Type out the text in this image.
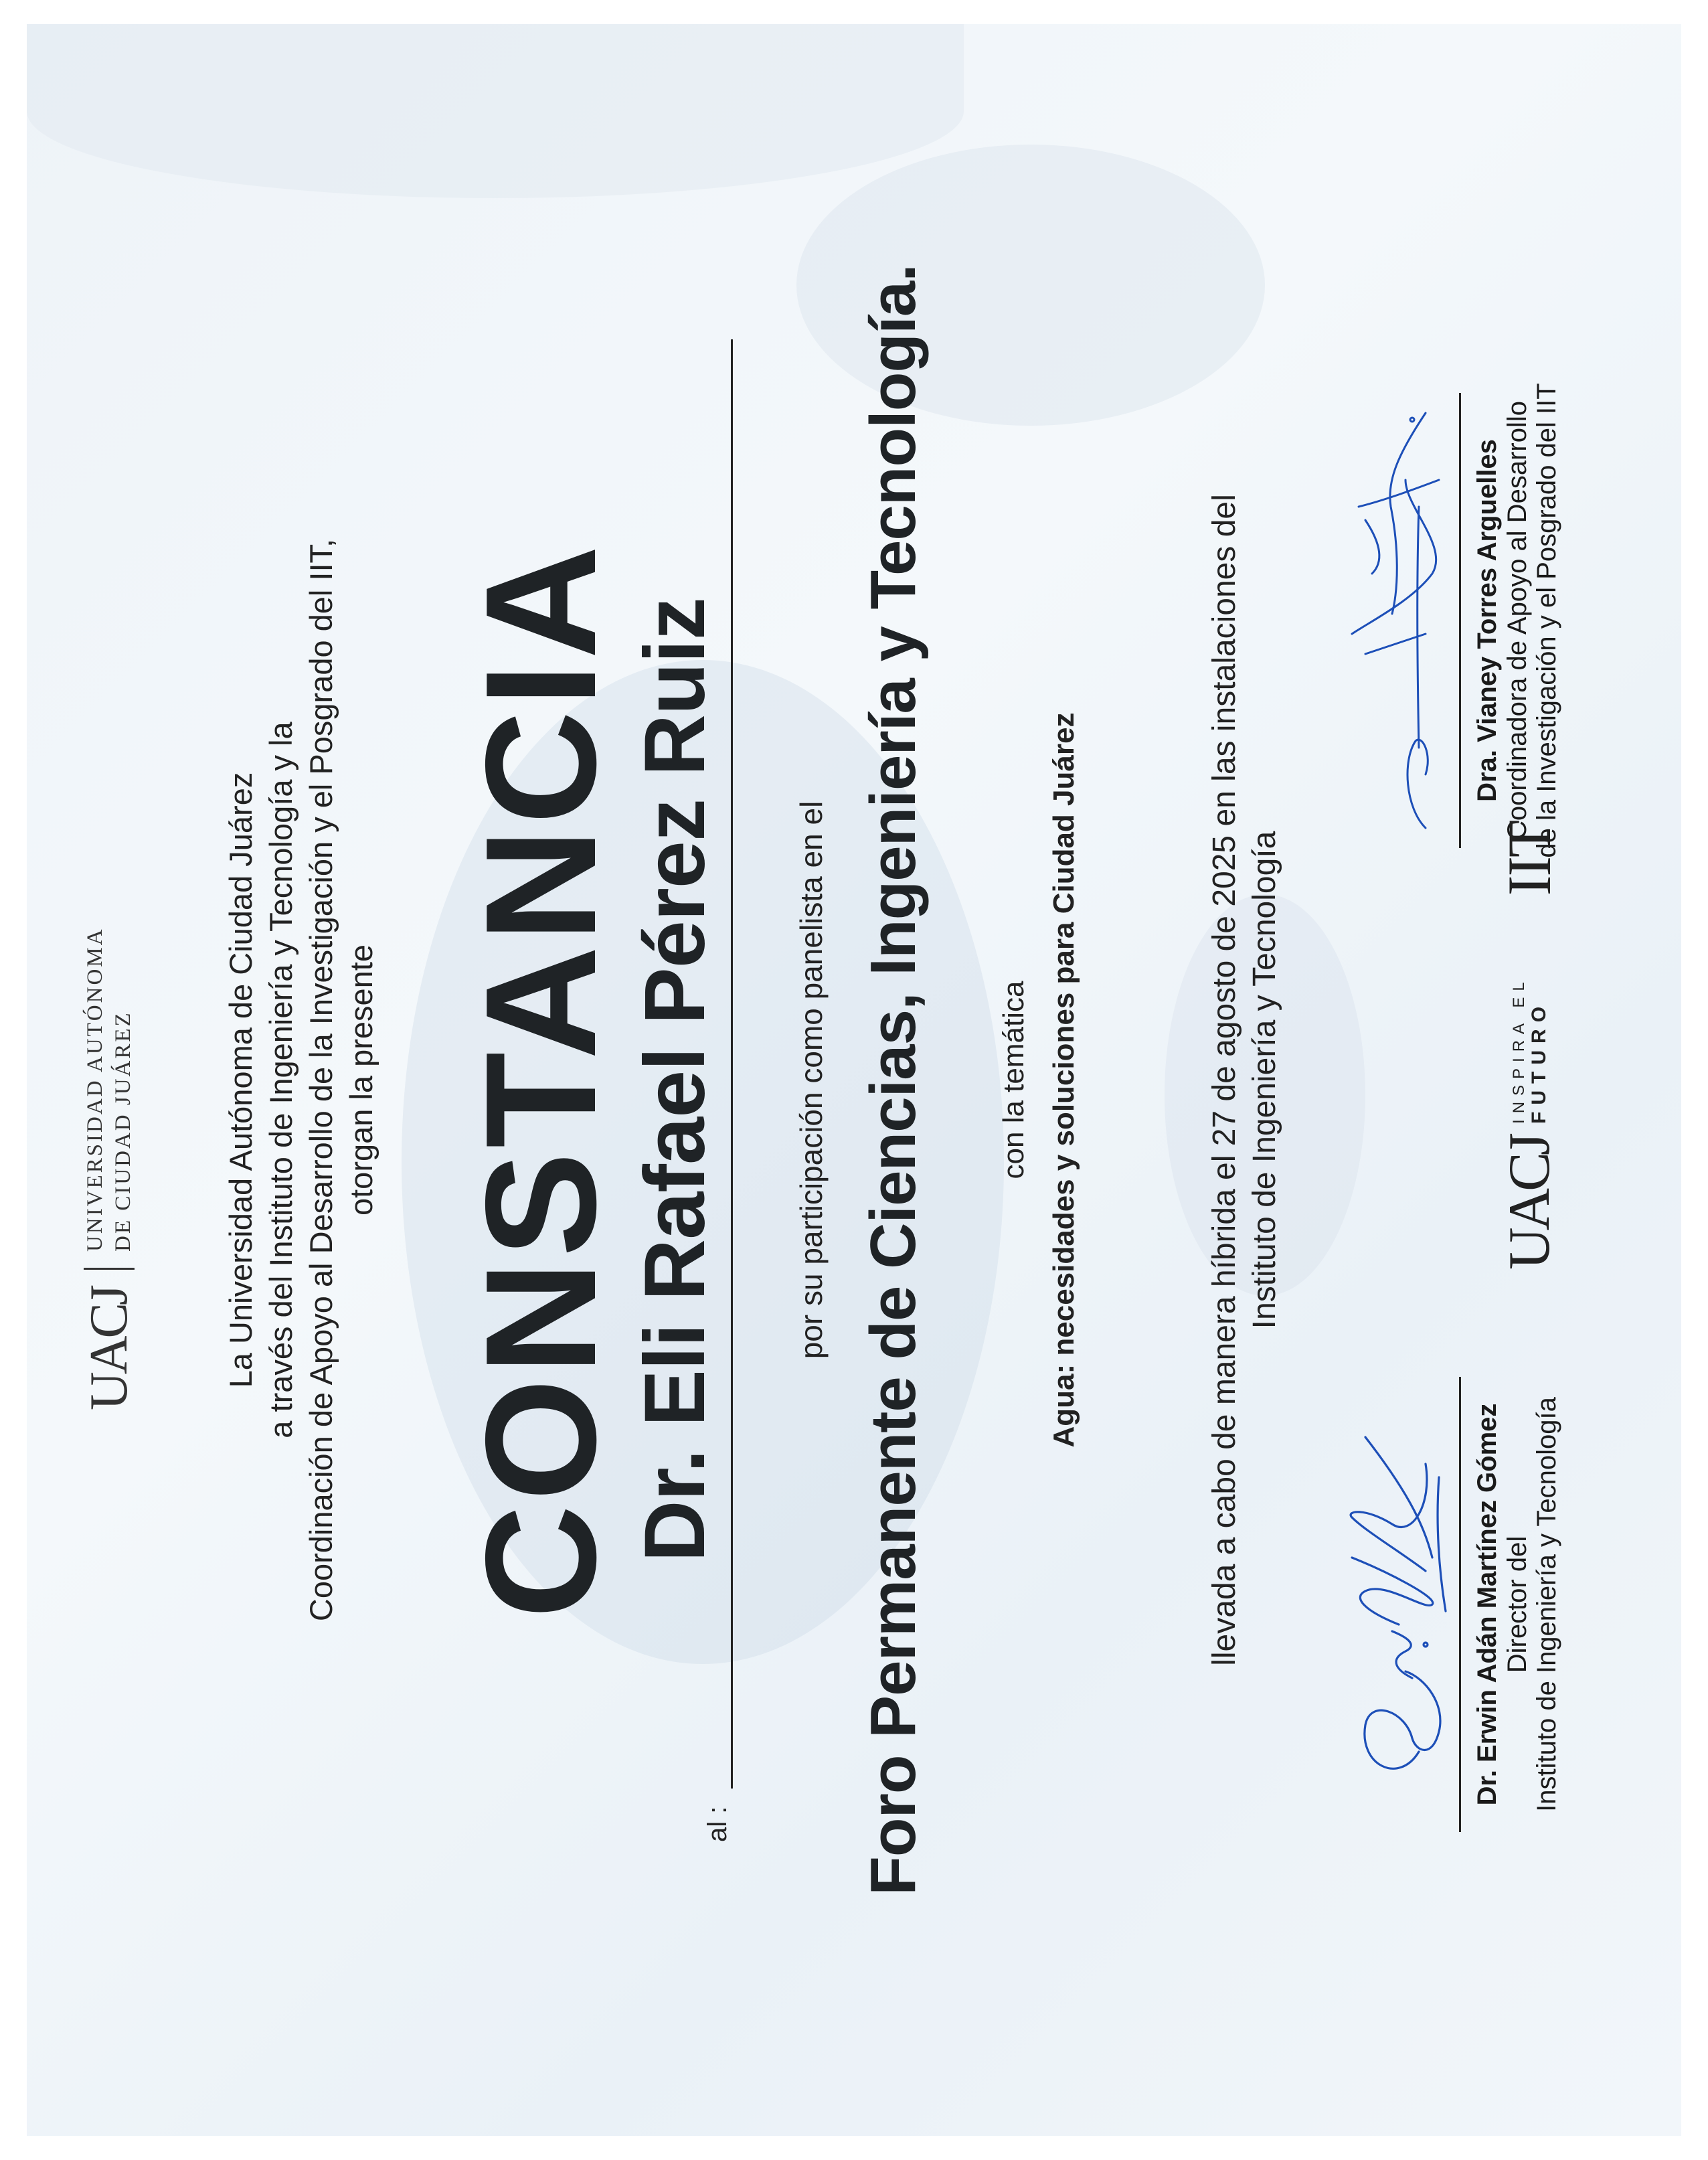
UACJ
UNIVERSIDAD AUTÓNOMA DE CIUDAD JUÁREZ	La Universidad Autónoma de Ciudad Juárez a través del Instituto de Ingeniería y Tecnología y la Coordinación de Apoyo al Desarrollo de la Investigación y el Posgrado del IIT, otorgan la presente CONSTANCIA
Dr. Eli Rafael Pérez Ruiz
al :
por su participación como panelista en el Foro Permanente de Ciencias, Ingeniería y Tecnología. con la temática Agua: necesidades y soluciones para Ciudad Juárez	llevada a cabo de manera híbrida el 27 de agosto de 2025 en las instalaciones del Instituto de Ingeniería y Tecnología
Dr. Erwin Adán Martínez Gómez Director del Instituto de Ingeniería y Tecnología
Dra. Vianey Torres Arguelles Coordinadora de Apoyo al Desarrollo de la Investigación y el Posgrado del IIT
UACJ
INSPIRA EL FUTURO
IIT
